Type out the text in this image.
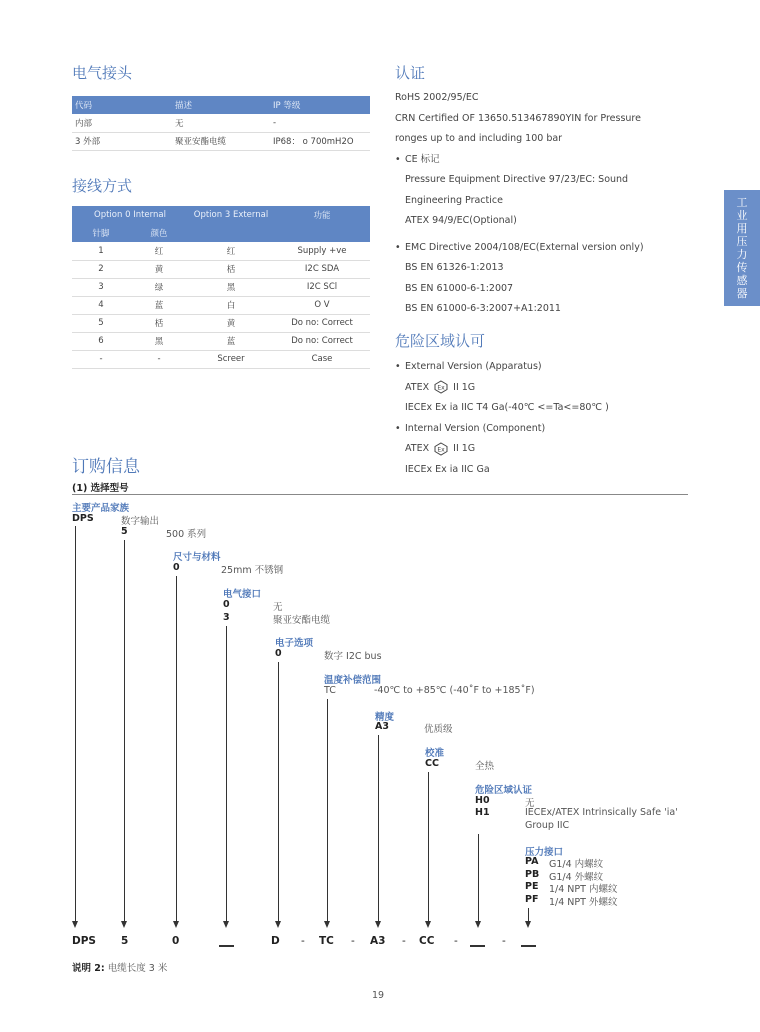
电气接头
代码	描述	IP 等级
内部	无	-
3 外部	聚亚安酯电缆	IP68： o 700mH2O
接线方式
Option 0 Internal		Option 3 External	功能
针脚	颜色		
1	红	红	Supply +ve
2	黄	栝	I2C SDA
3	绿	黑	I2C SCl
4	蓝	白	O V
5	栝	黄	Do no: Correct
6	黑	蓝	Do no: Correct
-	-	Screer	Case
认证
RoHS 2002/95/EC
CRN Certified OF 13650.513467890YIN for Pressure
ronges up to and including 100 bar
• CE 标记
Pressure Equipment Directive 97/23/EC: Sound
Engineering Practice
ATEX 94/9/EC(Optional)
• EMC Directive 2004/108/EC(External version only)
BS EN 61326-1:2013
BS EN 61000-6-1:2007
BS EN 61000-6-3:2007+A1:2011
危险区域认可
• External Version (Apparatus)
ATEX Ex II 1G
IECEx Ex ia IIC T4 Ga(-40℃ <=Ta<=80℃ )
• Internal Version (Component)
ATEX Ex II 1G
IECEx Ex ia IIC Ga
工
业
用
压
力
传
感
器
订购信息
(1) 选择型号
主要产品家族
DPS	数字输出
5	500 系列
尺寸与材料
0	25mm 不锈钢
电气接口
0	无
3	聚亚安酯电缆
电子选项
0	数字 I2C bus
温度补偿范围
TC	-40℃ to +85℃ (-40˚F to +185˚F)
精度
A3	优质级
校准
CC	全热
危险区域认证
H0	无
H1	IECEx/ATEX Intrinsically Safe 'ia'
Group IIC
压力接口
PA G1/4 内螺纹
PB G1/4 外螺纹
PE 1/4 NPT 内螺纹
PF 1/4 NPT 外螺纹
DPS 5	0	D - TC - A3 - CC -	-
说明 2: 电缆长度 3 米
19
